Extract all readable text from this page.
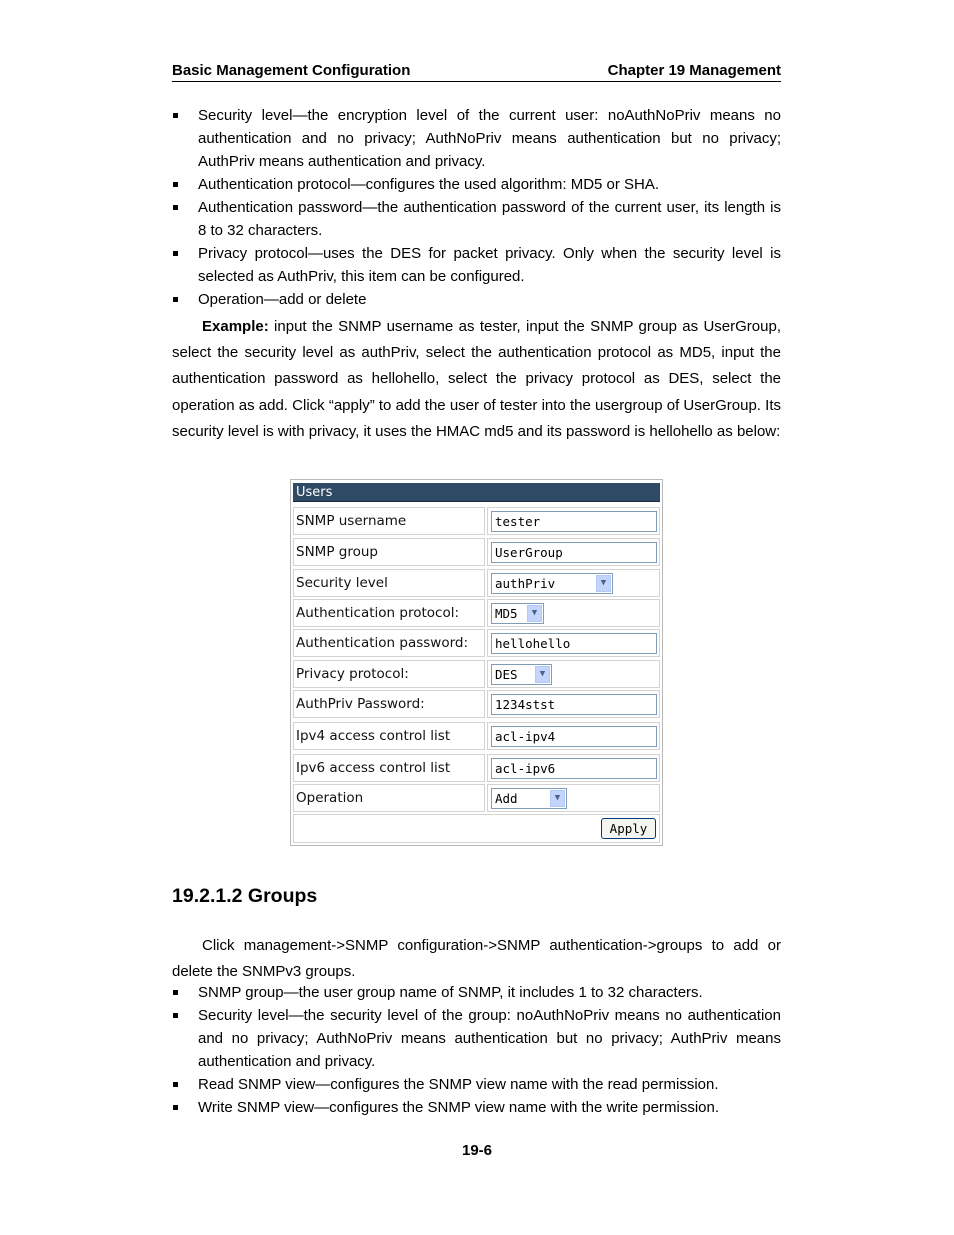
Basic Management Configuration	Chapter 19 Management
Security level—the encryption level of the current user: noAuthNoPriv means no authentication and no privacy; AuthNoPriv means authentication but no privacy; AuthPriv means authentication and privacy.
Authentication protocol—configures the used algorithm: MD5 or SHA.
Authentication password—the authentication password of the current user, its length is 8 to 32 characters.
Privacy protocol—uses the DES for packet privacy. Only when the security level is selected as AuthPriv, this item can be configured.
Operation—add or delete
Example: input the SNMP username as tester, input the SNMP group as UserGroup, select the security level as authPriv, select the authentication protocol as MD5, input the authentication password as hellohello, select the privacy protocol as DES, select the operation as add. Click “apply” to add the user of tester into the usergroup of UserGroup. Its security level is with privacy, it uses the HMAC md5 and its password is hellohello as below:
Users
SNMP username	tester
SNMP group	UserGroup
Security level	authPriv	▼
Authentication protocol:	MD5	▼
Authentication password:	hellohello
Privacy protocol:	DES	▼
AuthPriv Password:	1234stst
Ipv4 access control list	acl-ipv4
Ipv6 access control list	acl-ipv6
Operation	Add	▼
Apply
19.2.1.2 Groups
Click management->SNMP configuration->SNMP authentication->groups to add or delete the SNMPv3 groups.
SNMP group—the user group name of SNMP, it includes 1 to 32 characters.
Security level—the security level of the group: noAuthNoPriv means no authentication and no privacy; AuthNoPriv means authentication but no privacy; AuthPriv means authentication and privacy.
Read SNMP view—configures the SNMP view name with the read permission.
Write SNMP view—configures the SNMP view name with the write permission.
19-6
